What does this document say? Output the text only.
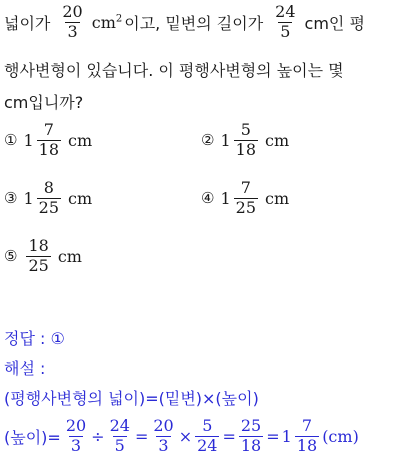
넓이가 $\frac{20}{3} cm^2$ 이고, 밑변의 길이가 $\frac{24}{5}$ cm인 평
행사변형이 있습니다. 이 평행사변형의 높이는 몇
cm입니까?
① $1 \frac{7}{18}$ cm	② $1 \frac{5}{18}$ cm
③ $1 \frac{8}{25}$ cm	④ $1 \frac{7}{25}$ cm
⑤ $\frac{18}{25}$ cm
정답 : ①
해설 :
(평행사변형의 넓이)=(밑변)×(높이)
(높이)= $\frac{20}{3} \div \frac{24}{5} = \frac{20}{3} \times \frac{5}{24} = \frac{25}{18} = 1 \frac{7}{18} (cm)$
